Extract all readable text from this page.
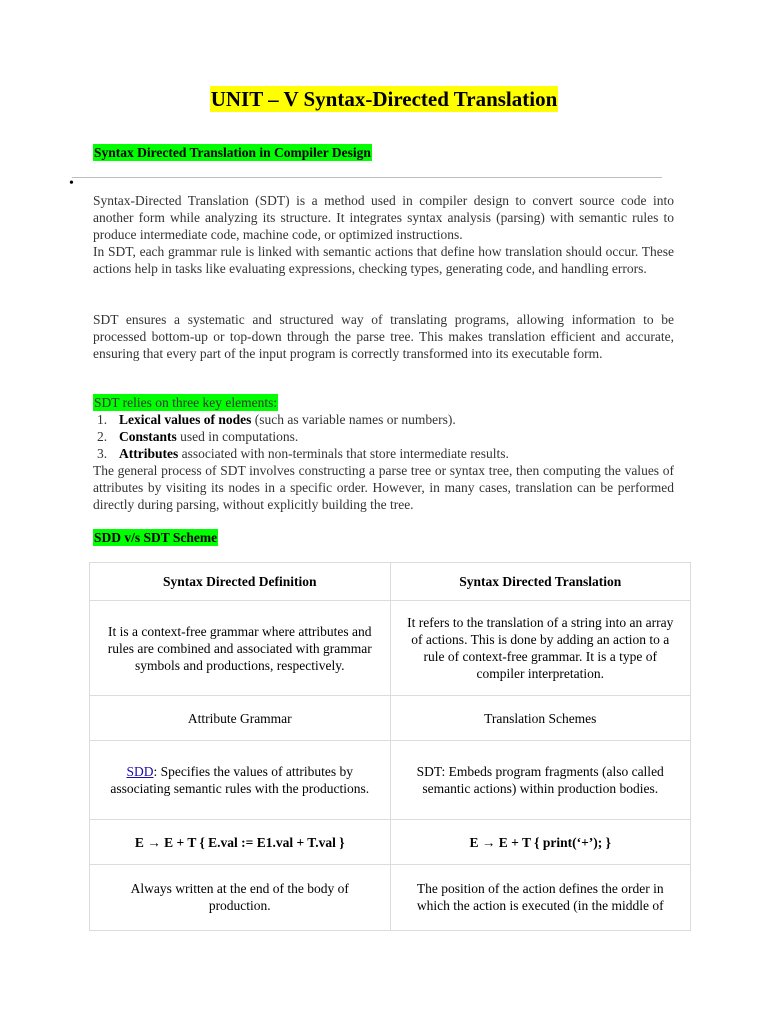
UNIT – V Syntax-Directed Translation
Syntax Directed Translation in Compiler Design
•
Syntax-Directed Translation (SDT) is a method used in compiler design to convert source code into another form while analyzing its structure. It integrates syntax analysis (parsing) with semantic rules to produce intermediate code, machine code, or optimized instructions.
In SDT, each grammar rule is linked with semantic actions that define how translation should occur. These actions help in tasks like evaluating expressions, checking types, generating code, and handling errors.

SDT ensures a systematic and structured way of translating programs, allowing information to be processed bottom-up or top-down through the parse tree. This makes translation efficient and accurate, ensuring that every part of the input program is correctly transformed into its executable form.

SDT relies on three key elements:
1. Lexical values of nodes (such as variable names or numbers).
2. Constants used in computations.
3. Attributes associated with non-terminals that store intermediate results.

The general process of SDT involves constructing a parse tree or syntax tree, then computing the values of attributes by visiting its nodes in a specific order. However, in many cases, translation can be performed directly during parsing, without explicitly building the tree.

SDD v/s SDT Scheme
Syntax Directed Definition	Syntax Directed Translation
It is a context-free grammar where attributes and rules are combined and associated with grammar symbols and productions, respectively.	It refers to the translation of a string into an array of actions. This is done by adding an action to a rule of context-free grammar. It is a type of compiler interpretation.
Attribute Grammar	Translation Schemes
SDD: Specifies the values of attributes by associating semantic rules with the productions.	SDT: Embeds program fragments (also called semantic actions) within production bodies.
E → E + T { E.val := E1.val + T.val }	E → E + T { print(‘+’); }
Always written at the end of the body of production.	The position of the action defines the order in which the action is executed (in the middle of
